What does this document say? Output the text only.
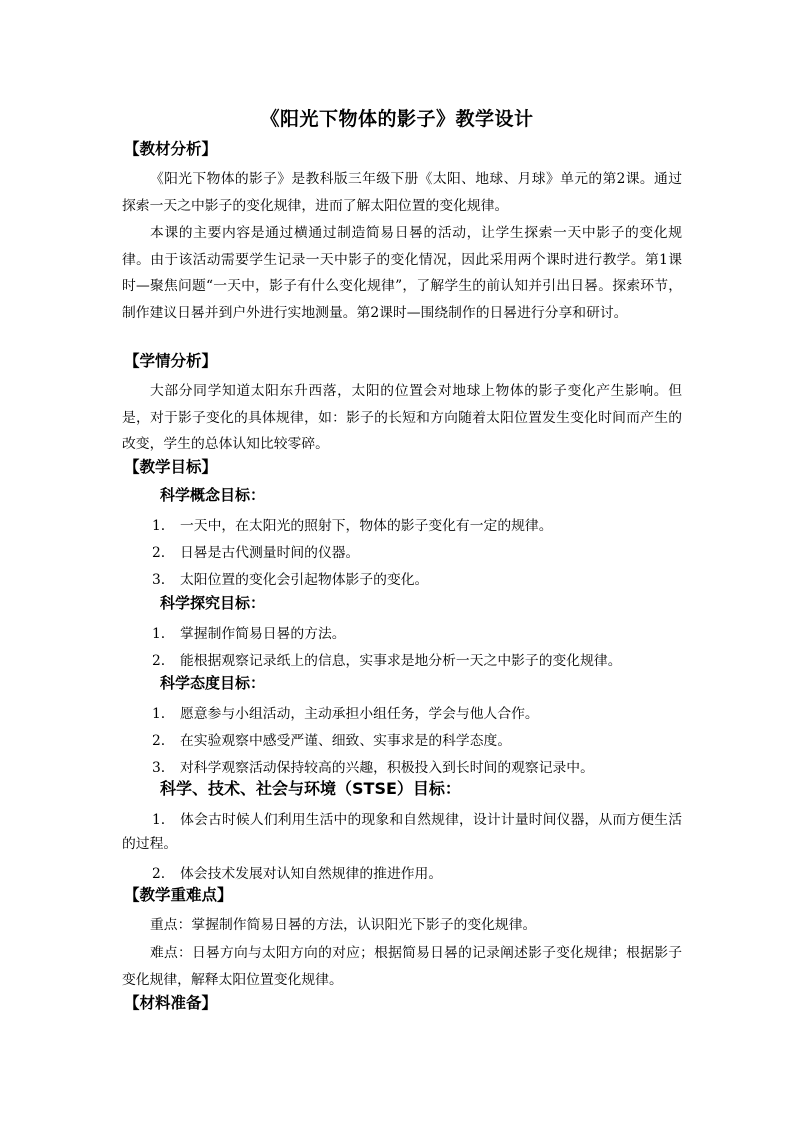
《阳光下物体的影子》教学设计
【教材分析】
《阳光下物体的影子》是教科版三年级下册《太阳、地球、月球》单元的第2课。通过探索一天之中影子的变化规律，进而了解太阳位置的变化规律。
本课的主要内容是通过横通过制造简易日晷的活动，让学生探索一天中影子的变化规律。由于该活动需要学生记录一天中影子的变化情况，因此采用两个课时进行教学。第1课时—聚焦问题“一天中，影子有什么变化规律”，了解学生的前认知并引出日晷。探索环节，制作建议日晷并到户外进行实地测量。第2课时—围绕制作的日晷进行分享和研讨。
【学情分析】
大部分同学知道太阳东升西落，太阳的位置会对地球上物体的影子变化产生影响。但是，对于影子变化的具体规律，如：影子的长短和方向随着太阳位置发生变化时间而产生的改变，学生的总体认知比较零碎。
【教学目标】
科学概念目标：
1. 一天中，在太阳光的照射下，物体的影子变化有一定的规律。
2. 日晷是古代测量时间的仪器。
3. 太阳位置的变化会引起物体影子的变化。
科学探究目标：
1. 掌握制作简易日晷的方法。
2. 能根据观察记录纸上的信息，实事求是地分析一天之中影子的变化规律。
科学态度目标：
1. 愿意参与小组活动，主动承担小组任务，学会与他人合作。
2. 在实验观察中感受严谨、细致、实事求是的科学态度。
3. 对科学观察活动保持较高的兴趣，积极投入到长时间的观察记录中。
科学、技术、社会与环境（STSE）目标：
1. 体会古时候人们利用生活中的现象和自然规律，设计计量时间仪器，从而方便生活的过程。
2. 体会技术发展对认知自然规律的推进作用。
【教学重难点】
重点：掌握制作简易日晷的方法，认识阳光下影子的变化规律。
难点：日晷方向与太阳方向的对应；根据简易日晷的记录阐述影子变化规律；根据影子变化规律，解释太阳位置变化规律。
【材料准备】
